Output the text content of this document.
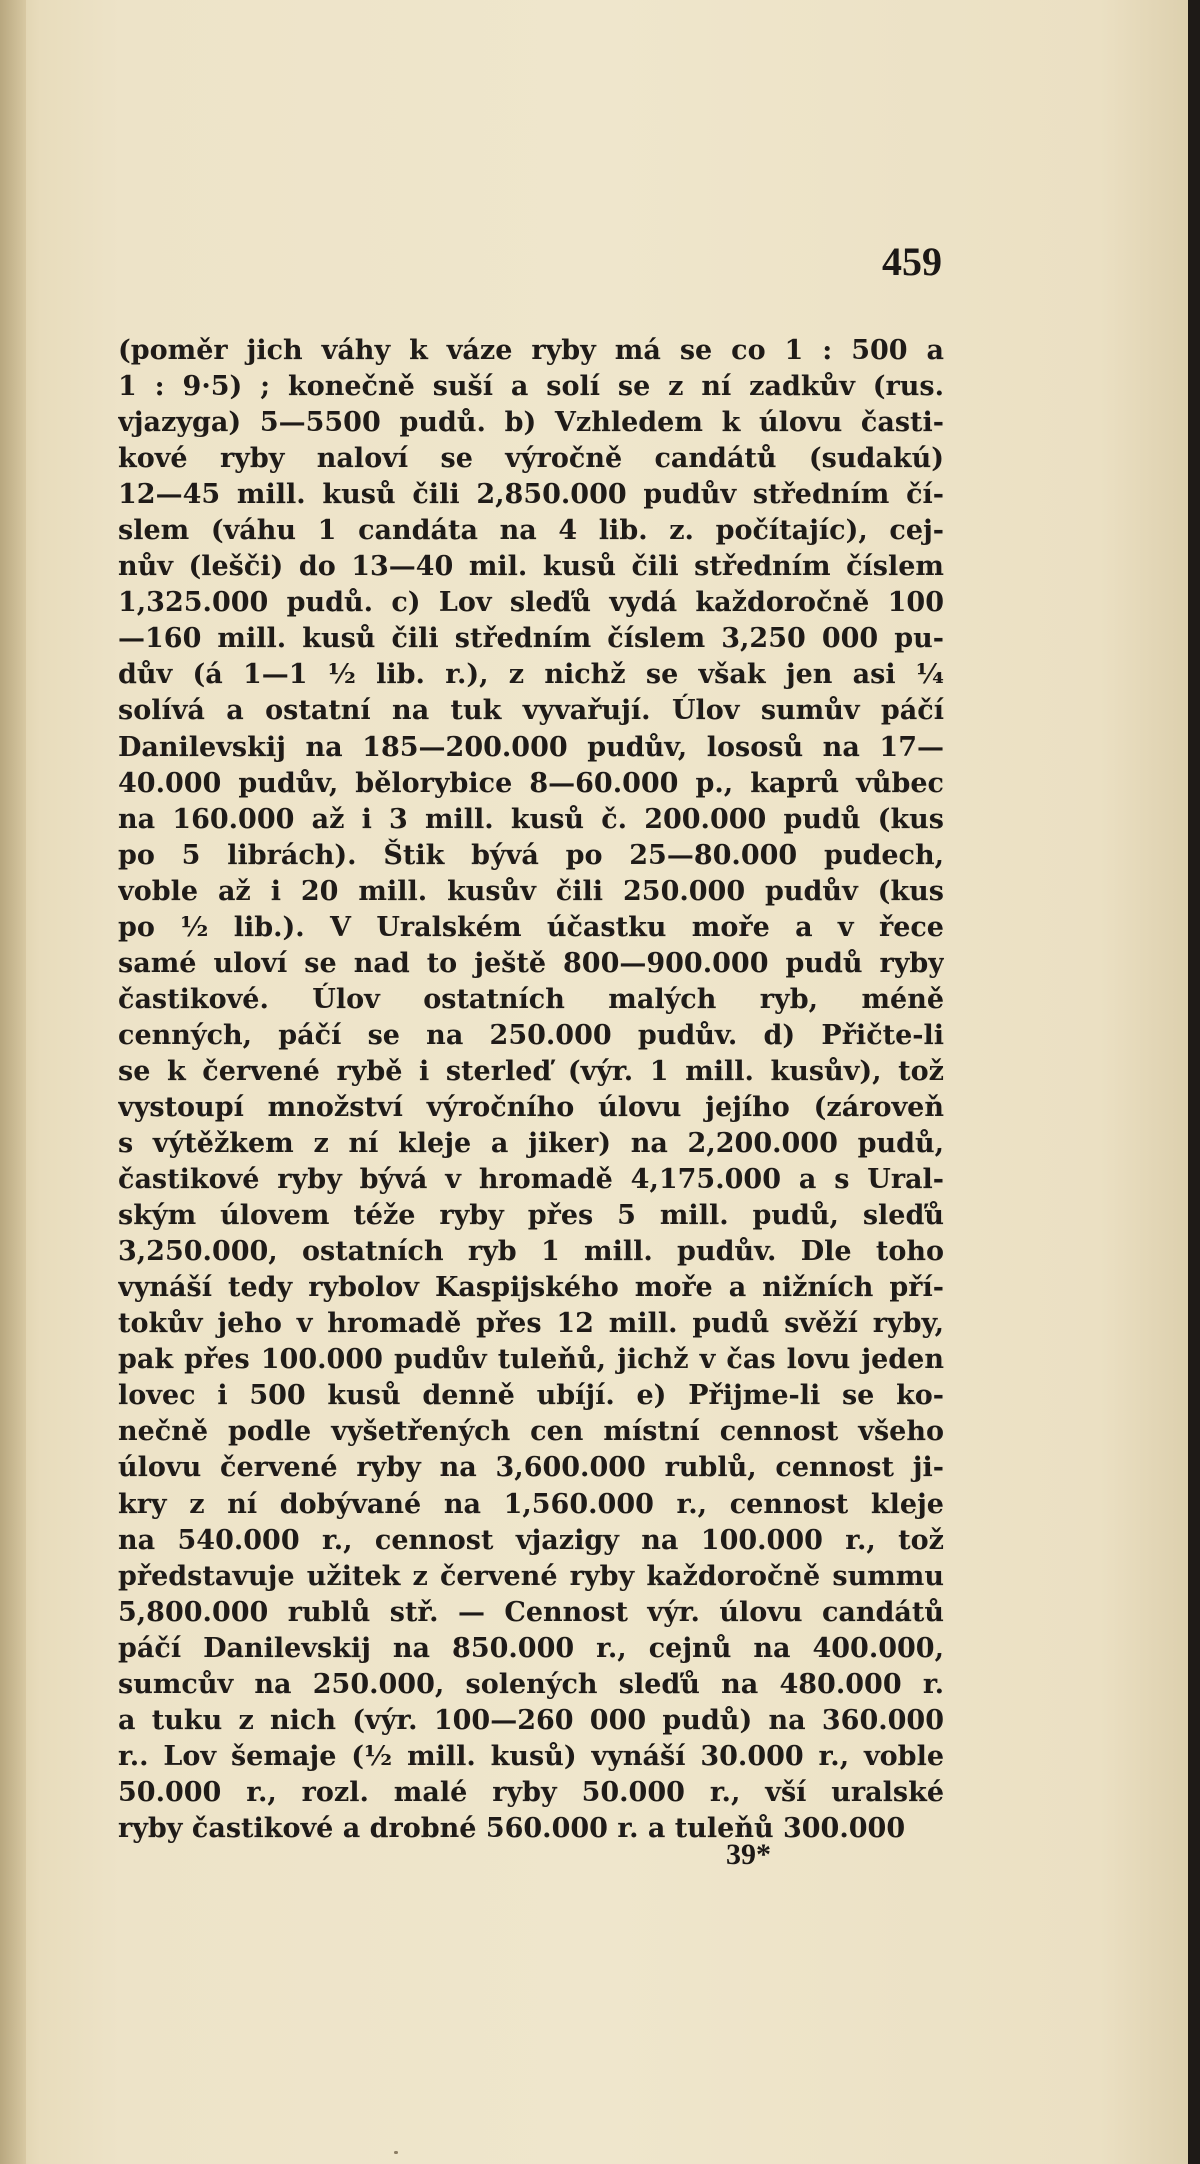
459
(poměr jich váhy k váze ryby má se co 1 : 500 a
1 : 9·5) ; konečně suší a solí se z ní zadkův (rus.
vjazyga) 5—5500 pudů. b) Vzhledem k úlovu časti-
kové ryby naloví se výročně candátů (sudakú)
12—45 mill. kusů čili 2,850.000 pudův středním čí-
slem (váhu 1 candáta na 4 lib. z. počítajíc), cej-
nův (lešči) do 13—40 mil. kusů čili středním číslem
1,325.000 pudů. c) Lov sleďů vydá každoročně 100
—160 mill. kusů čili středním číslem 3,250 000 pu-
dův (á 1—1 ½ lib. r.), z nichž se však jen asi ¼
solívá a ostatní na tuk vyvařují. Úlov sumův páčí
Danilevskij na 185—200.000 pudův, lososů na 17—
40.000 pudův, bělorybice 8—60.000 p., kaprů vůbec
na 160.000 až i 3 mill. kusů č. 200.000 pudů (kus
po 5 librách). Štik bývá po 25—80.000 pudech,
voble až i 20 mill. kusův čili 250.000 pudův (kus
po ½ lib.). V Uralském účastku moře a v řece
samé uloví se nad to ještě 800—900.000 pudů ryby
častikové. Úlov ostatních malých ryb, méně
cenných, páčí se na 250.000 pudův. d) Přičte-li
se k červené rybě i sterleď (výr. 1 mill. kusův), tož
vystoupí množství výročního úlovu jejího (zároveň
s výtěžkem z ní kleje a jiker) na 2,200.000 pudů,
častikové ryby bývá v hromadě 4,175.000 a s Ural-
ským úlovem téže ryby přes 5 mill. pudů, sleďů
3,250.000, ostatních ryb 1 mill. pudův. Dle toho
vynáší tedy rybolov Kaspijského moře a nižních pří-
tokův jeho v hromadě přes 12 mill. pudů svěží ryby,
pak přes 100.000 pudův tuleňů, jichž v čas lovu jeden
lovec i 500 kusů denně ubíjí. e) Přijme-li se ko-
nečně podle vyšetřených cen místní cennost všeho
úlovu červené ryby na 3,600.000 rublů, cennost ji-
kry z ní dobývané na 1,560.000 r., cennost kleje
na 540.000 r., cennost vjazigy na 100.000 r., tož
představuje užitek z červené ryby každoročně summu
5,800.000 rublů stř. — Cennost výr. úlovu candátů
páčí Danilevskij na 850.000 r., cejnů na 400.000,
sumcův na 250.000, solených sleďů na 480.000 r.
a tuku z nich (výr. 100—260 000 pudů) na 360.000
r.. Lov šemaje (½ mill. kusů) vynáší 30.000 r., voble
50.000 r., rozl. malé ryby 50.000 r., vší uralské
ryby častikové a drobné 560.000 r. a tuleňů 300.000
39*
